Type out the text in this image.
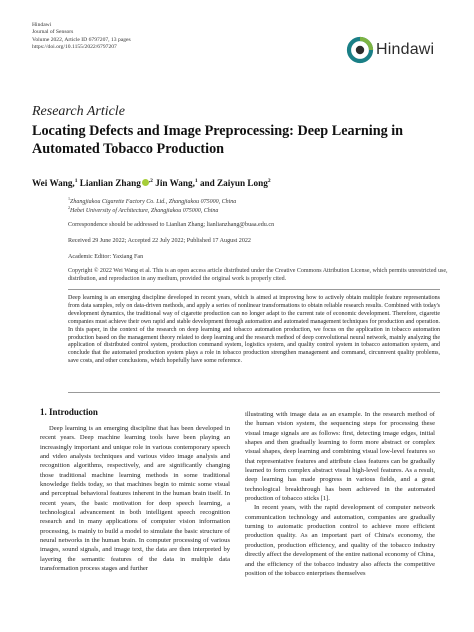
Hindawi
Journal of Sensors
Volume 2022, Article ID 6797207, 13 pages
https://doi.org/10.1155/2022/6797207	Hindawi
Research Article
Locating Defects and Image Preprocessing: Deep Learning in Automated Tobacco Production
Wei Wang,$^1$ Lianlian Zhang $^{,2}$ Jin Wang,$^1$ and Zaiyun Long$^2$
$^1$Zhangjiakou Cigarette Factory Co. Ltd., Zhangjiakou 075000, China
$^2$Hebei University of Architecture, Zhangjiakou 075000, China
Correspondence should be addressed to Lianlian Zhang; lianlianzhang@buaa.edu.cn
Received 29 June 2022; Accepted 22 July 2022; Published 17 August 2022
Academic Editor: Yaxiang Fan
Copyright © 2022 Wei Wang et al. This is an open access article distributed under the Creative Commons Attribution License, which permits unrestricted use, distribution, and reproduction in any medium, provided the original work is properly cited.
Deep learning is an emerging discipline developed in recent years, which is aimed at improving how to actively obtain multiple feature representations from data samples, rely on data-driven methods, and apply a series of nonlinear transformations to obtain reliable research results. Combined with today's development dynamics, the traditional way of cigarette production can no longer adapt to the current rate of economic development. Therefore, cigarette companies must achieve their own rapid and stable development through automation and automated management techniques for production and operation. In this paper, in the context of the research on deep learning and tobacco automation production, we focus on the application in tobacco automation production based on the management theory related to deep learning and the research method of deep convolutional neural network, mainly analyzing the application of distributed control system, production command system, logistics system, and quality control system in tobacco automation system, and conclude that the automated production system plays a role in tobacco production strengthen management and command, circumvent quality problems, save costs, and other conclusions, which hopefully have some reference.
1. Introduction

Deep learning is an emerging discipline that has been developed in recent years. Deep machine learning tools have been playing an increasingly important and unique role in various contemporary speech and video analysis techniques and various video image analysis and recognition algorithms, respectively, and are significantly changing those traditional machine learning methods in some traditional knowledge fields today, so that machines begin to mimic some visual and perceptual behavioral features inherent in the human brain itself. In recent years, the basic motivation for deep speech learning, a technological advancement in both intelligent speech recognition research and in many applications of computer vision information processing, is mainly to build a model to simulate the basic structure of neural networks in the human brain. In computer processing of various images, sound signals, and image text, the data are then interpreted by layering the semantic features of the data in multiple data transformation process stages and further

illustrating with image data as an example. In the research method of the human vision system, the sequencing steps for processing these visual image signals are as follows: first, detecting image edges, initial shapes and then gradually learning to form more abstract or complex visual shapes, deep learning and combining visual low-level features so that representative features and attribute class features can be gradually learned to form complex abstract visual high-level features. As a result, deep learning has made progress in various fields, and a great technological breakthrough has been achieved in the automated production of tobacco sticks [1].

In recent years, with the rapid development of computer network communication technology and automation, companies are gradually turning to automatic production control to achieve more efficient production quality. As an important part of China's economy, the production, production efficiency, and quality of the tobacco industry directly affect the development of the entire national economy of China, and the efficiency of the tobacco industry also affects the competitive position of the tobacco enterprises themselves
